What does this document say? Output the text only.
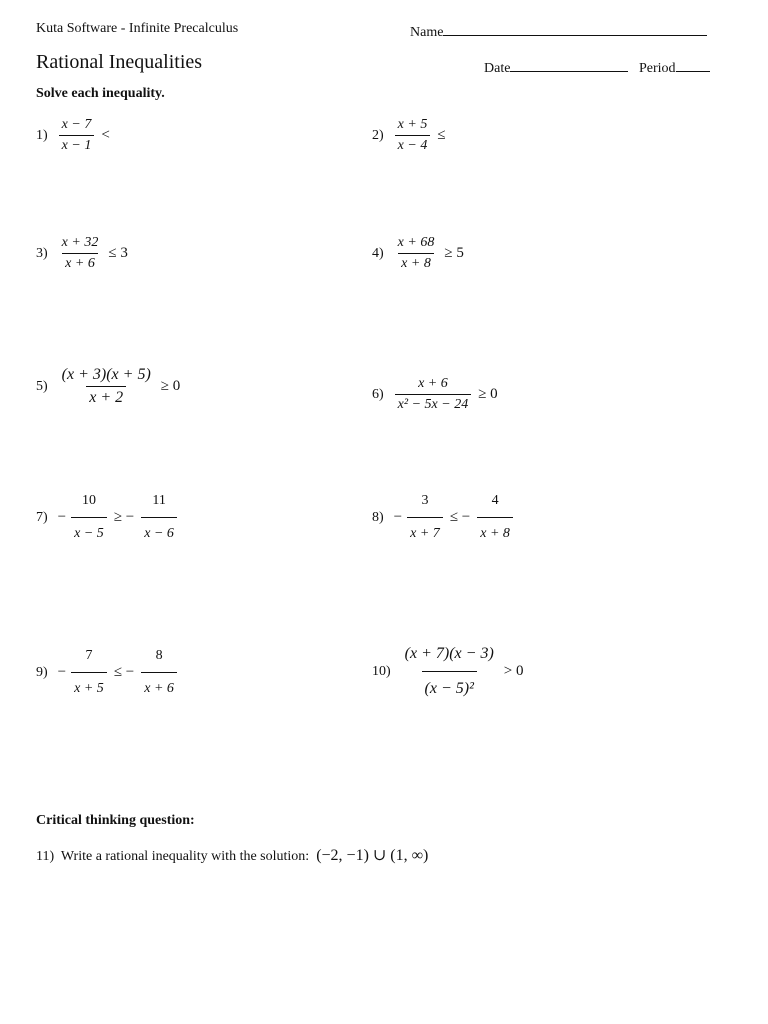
Kuta Software - Infinite Precalculus	Name
Rational Inequalities	Date	Period
Solve each inequality.
$1) \frac{x - 7}{x - 1}$ <	$2) \frac{x + 5}{x - 4}$ ≤
$3) \frac{x + 32}{x + 6} \le 3$	$4) \frac{x + 68}{x + 8} \ge 5$
$5) \frac{(x + 3)(x + 5)}{x + 2} \ge 0$	$6) \frac{x + 6}{\text{x² − 5x − 24}} \ge 0$
$7) - \frac{10}{x - 5}$ ≥ − $\frac{11}{x - 6}$	$8) - \frac{3}{x + 7}$ ≤ − $\frac{4}{x + 8}$
$9) - \frac{7}{x + 5}$ ≤ − $\frac{8}{x + 6}$	$10) \frac{(x + 7)(x - 3)}{\text{(x − 5)²}} > 0$
Critical thinking question:
11) Write a rational inequality with the solution: (−2, −1) ∪ (1, ∞)
